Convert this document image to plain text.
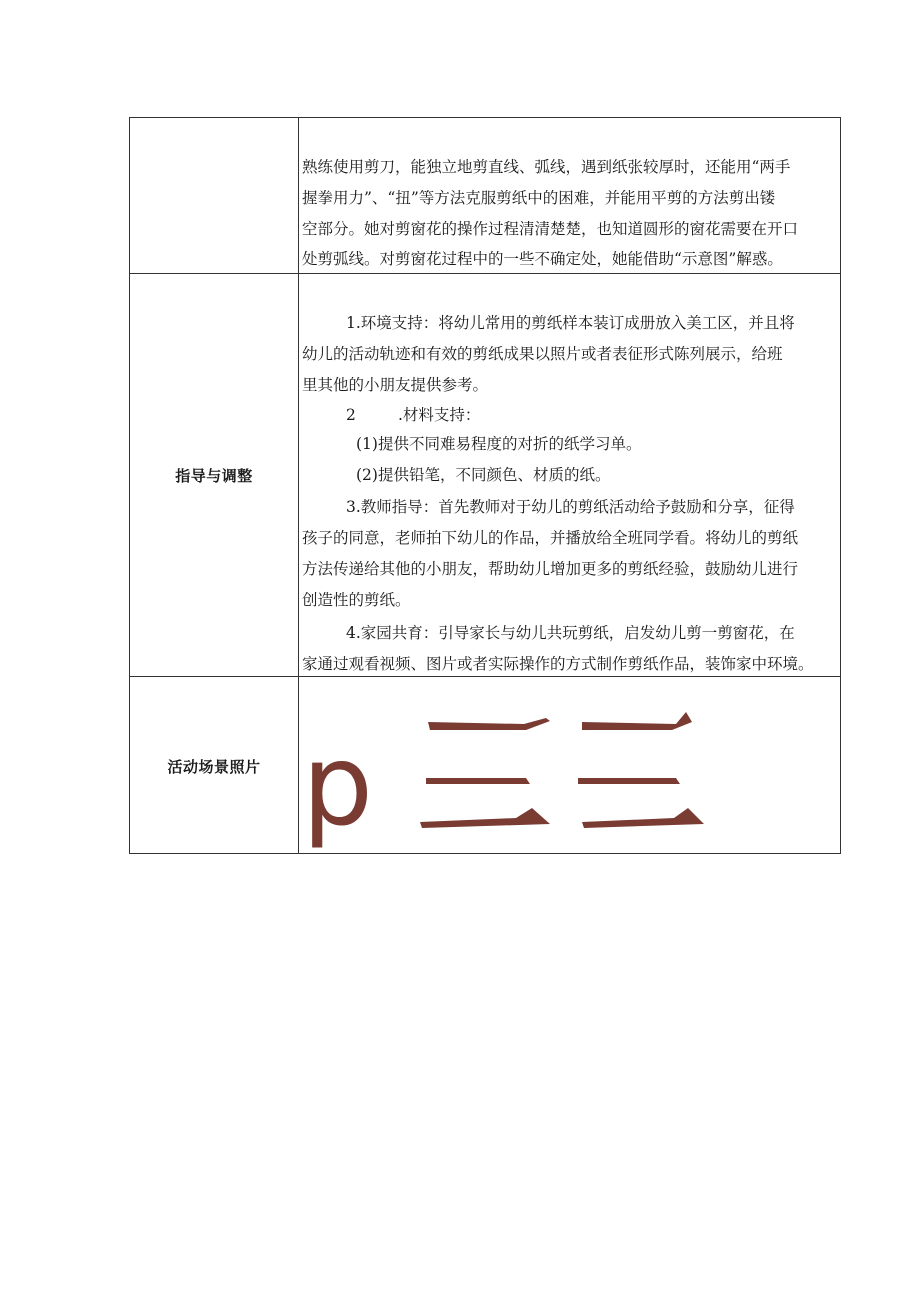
熟练使用剪刀，能独立地剪直线、弧线，遇到纸张较厚时，还能用“两手

握拳用力”、“扭”等方法克服剪纸中的困难，并能用平剪的方法剪出镂

空部分。她对剪窗花的操作过程清清楚楚，也知道圆形的窗花需要在开口

处剪弧线。对剪窗花过程中的一些不确定处，她能借助“示意图”解惑。

指导与调整

1.环境支持：将幼儿常用的剪纸样本装订成册放入美工区，并且将

幼儿的活动轨迹和有效的剪纸成果以照片或者表征形式陈列展示，给班

里其他的小朋友提供参考。

2	.材料支持：

(1)提供不同难易程度的对折的纸学习单。

(2)提供铅笔，不同颜色、材质的纸。

3.教师指导：首先教师对于幼儿的剪纸活动给予鼓励和分享，征得

孩子的同意，老师拍下幼儿的作品，并播放给全班同学看。将幼儿的剪纸

方法传递给其他的小朋友，帮助幼儿增加更多的剪纸经验，鼓励幼儿进行

创造性的剪纸。

4.家园共育：引导家长与幼儿共玩剪纸，启发幼儿剪一剪窗花，在

家通过观看视频、图片或者实际操作的方式制作剪纸作品，装饰家中环境。

活动场景照片 p
